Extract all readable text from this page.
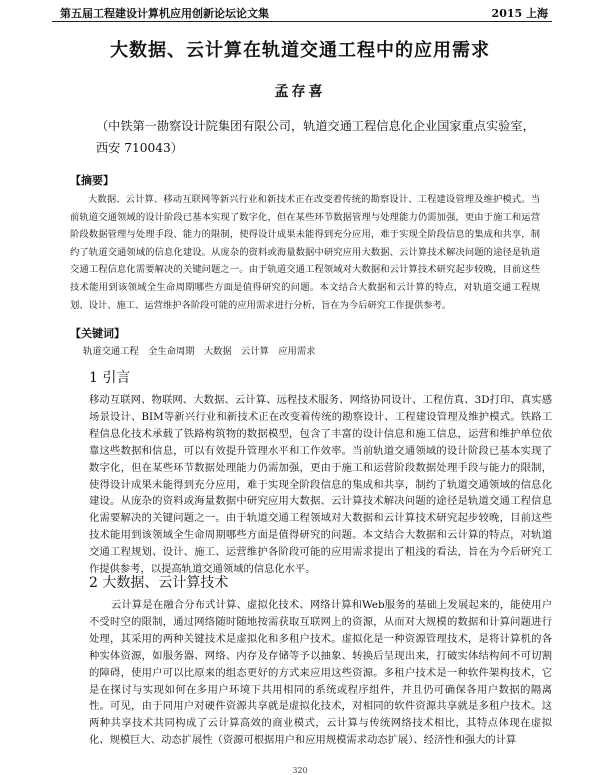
第五届工程建设计算机应用创新论坛论文集	2015 上海
大数据、云计算在轨道交通工程中的应用需求
孟存喜
（中铁第一勘察设计院集团有限公司，轨道交通工程信息化企业国家重点实验室，西安 710043）
【摘要】
大数据、云计算、移动互联网等新兴行业和新技术正在改变着传统的勘察设计、工程建设管理及维护模式。当前轨道交通领域的设计阶段已基本实现了数字化，但在某些环节数据管理与处理能力仍需加强，更由于施工和运营阶段数据管理与处理手段、能力的限制，使得设计成果未能得到充分应用，难于实现全阶段信息的集成和共享，制约了轨道交通领域的信息化建设。从庞杂的资料或海量数据中研究应用大数据、云计算技术解决问题的途径是轨道交通工程信息化需要解决的关键问题之一。由于轨道交通工程领域对大数据和云计算技术研究起步较晚，目前这些技术能用到该领域全生命周期哪些方面是值得研究的问题。本文结合大数据和云计算的特点，对轨道交通工程规划、设计、施工、运营维护各阶段可能的应用需求进行分析，旨在为今后研究工作提供参考。
【关键词】
轨道交通工程　全生命周期　大数据　云计算　应用需求
1 引言
移动互联网、物联网、大数据、云计算、远程技术服务、网络协同设计、工程仿真、3D打印、真实感场景设计、BIM等新兴行业和新技术正在改变着传统的勘察设计、工程建设管理及维护模式。铁路工程信息化技术承载了铁路构筑物的数据模型，包含了丰富的设计信息和施工信息，运营和维护单位依靠这些数据和信息，可以有效提升管理水平和工作效率。当前轨道交通领域的设计阶段已基本实现了数字化，但在某些环节数据处理能力仍需加强，更由于施工和运营阶段数据处理手段与能力的限制，使得设计成果未能得到充分应用，难于实现全阶段信息的集成和共享，制约了轨道交通领域的信息化建设。从庞杂的资料或海量数据中研究应用大数据、云计算技术解决问题的途径是轨道交通工程信息化需要解决的关键问题之一。由于轨道交通工程领域对大数据和云计算技术研究起步较晚，目前这些技术能用到该领域全生命周期哪些方面是值得研究的问题。本文结合大数据和云计算的特点，对轨道交通工程规划、设计、施工、运营维护各阶段可能的应用需求提出了粗浅的看法，旨在为今后研究工作提供参考，以提高轨道交通领域的信息化水平。
2 大数据、云计算技术
云计算是在融合分布式计算、虚拟化技术、网络计算和Web服务的基础上发展起来的，能使用户不受时空的限制，通过网络随时随地按需获取互联网上的资源，从而对大规模的数据和计算问题进行处理，其采用的两种关键技术是虚拟化和多租户技术。虚拟化是一种资源管理技术，是将计算机的各种实体资源，如服务器、网络、内存及存储等予以抽象、转换后呈现出来，打破实体结构间不可切割的障碍，使用户可以比原来的组态更好的方式来应用这些资源。多租户技术是一种软件架构技术，它是在探讨与实现如何在多用户环境下共用相同的系统或程序组件，并且仍可确保各用户数据的隔离性。可见，由于同用户对硬件资源共享就是虚拟化技术，对相同的软件资源共享就是多租户技术。这两种共享技术共同构成了云计算高效的商业模式，云计算与传统网络技术相比，其特点体现在虚拟化、规模巨大、动态扩展性（资源可根据用户和应用规模需求动态扩展）、经济性和强大的计算
320
